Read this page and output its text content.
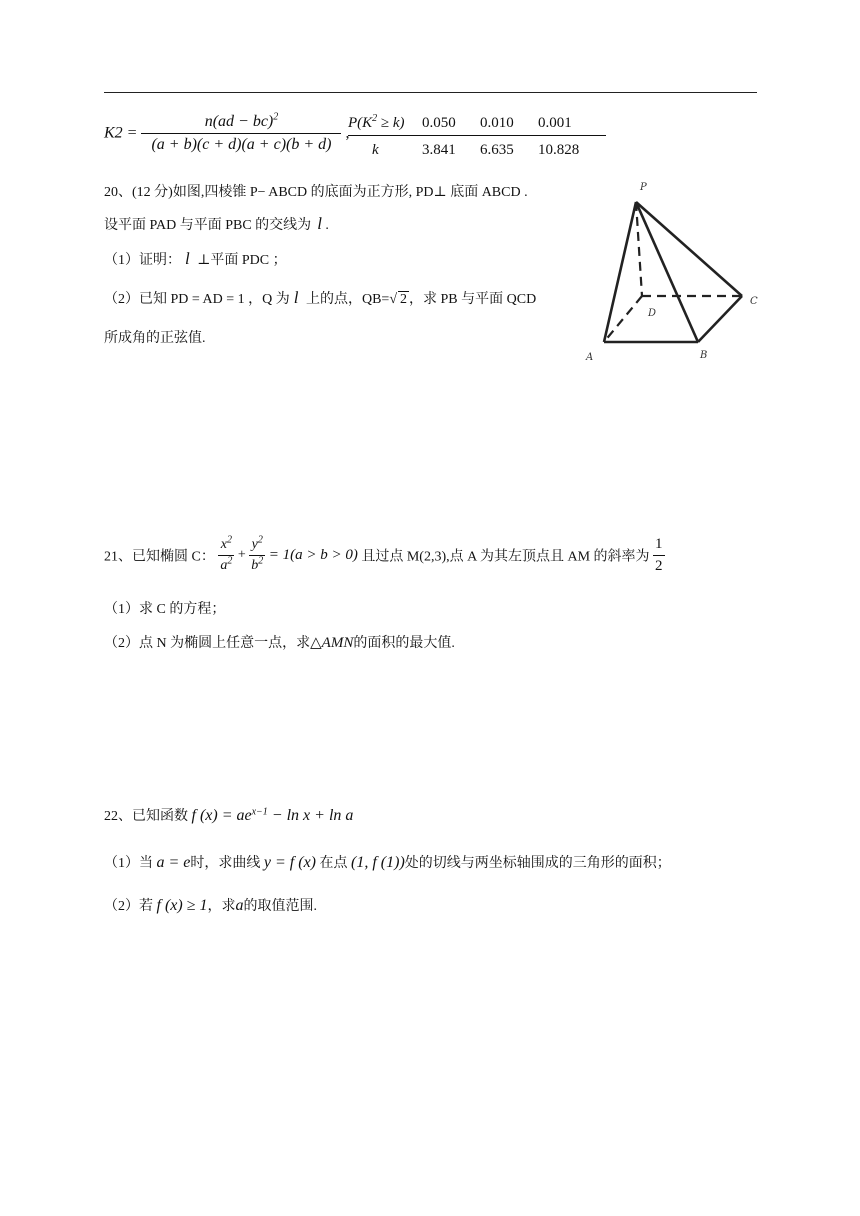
$K2 = \frac{n(ad - bc)^2}{(a + b)(c + d)(a + c)(b + d)}$ ,
$P(K^2 \ge k)$	0.050	0.010	0.001
k	3.841	6.635	10.828
20、(12 分)如图,四棱锥 P− ABCD 的底面为正方形, PD⊥ 底面 ABCD .
设平面 PAD 与平面 PBC 的交线为 l .
（1）证明： l ⊥平面 PDC ；
（2）已知 PD = AD = 1 ，Q 为 l 上的点，QB=√ 2 ，求 PB 与平面 QCD
所成角的正弦值.
P
D
C
A	B
21、已知椭圆 C： $\frac{x^2}{a^2} + \frac{y^2}{b^2} = 1(a > b > 0)$ 且过点 M(2,3),点 A 为其左顶点且 AM 的斜率为 $\frac{1}{2}$
（1）求 C 的方程；
（2）点 N 为椭圆上任意一点，求△AMN的面积的最大值.
22、已知函数 f $(x) = ae^{x-1} - \ln x + \ln a$
（1）当 a = e时，求曲线 y = f (x) 在点 (1, f (1))处的切线与两坐标轴围成的三角形的面积；
（2）若 f (x) ≥ 1，求a的取值范围.
